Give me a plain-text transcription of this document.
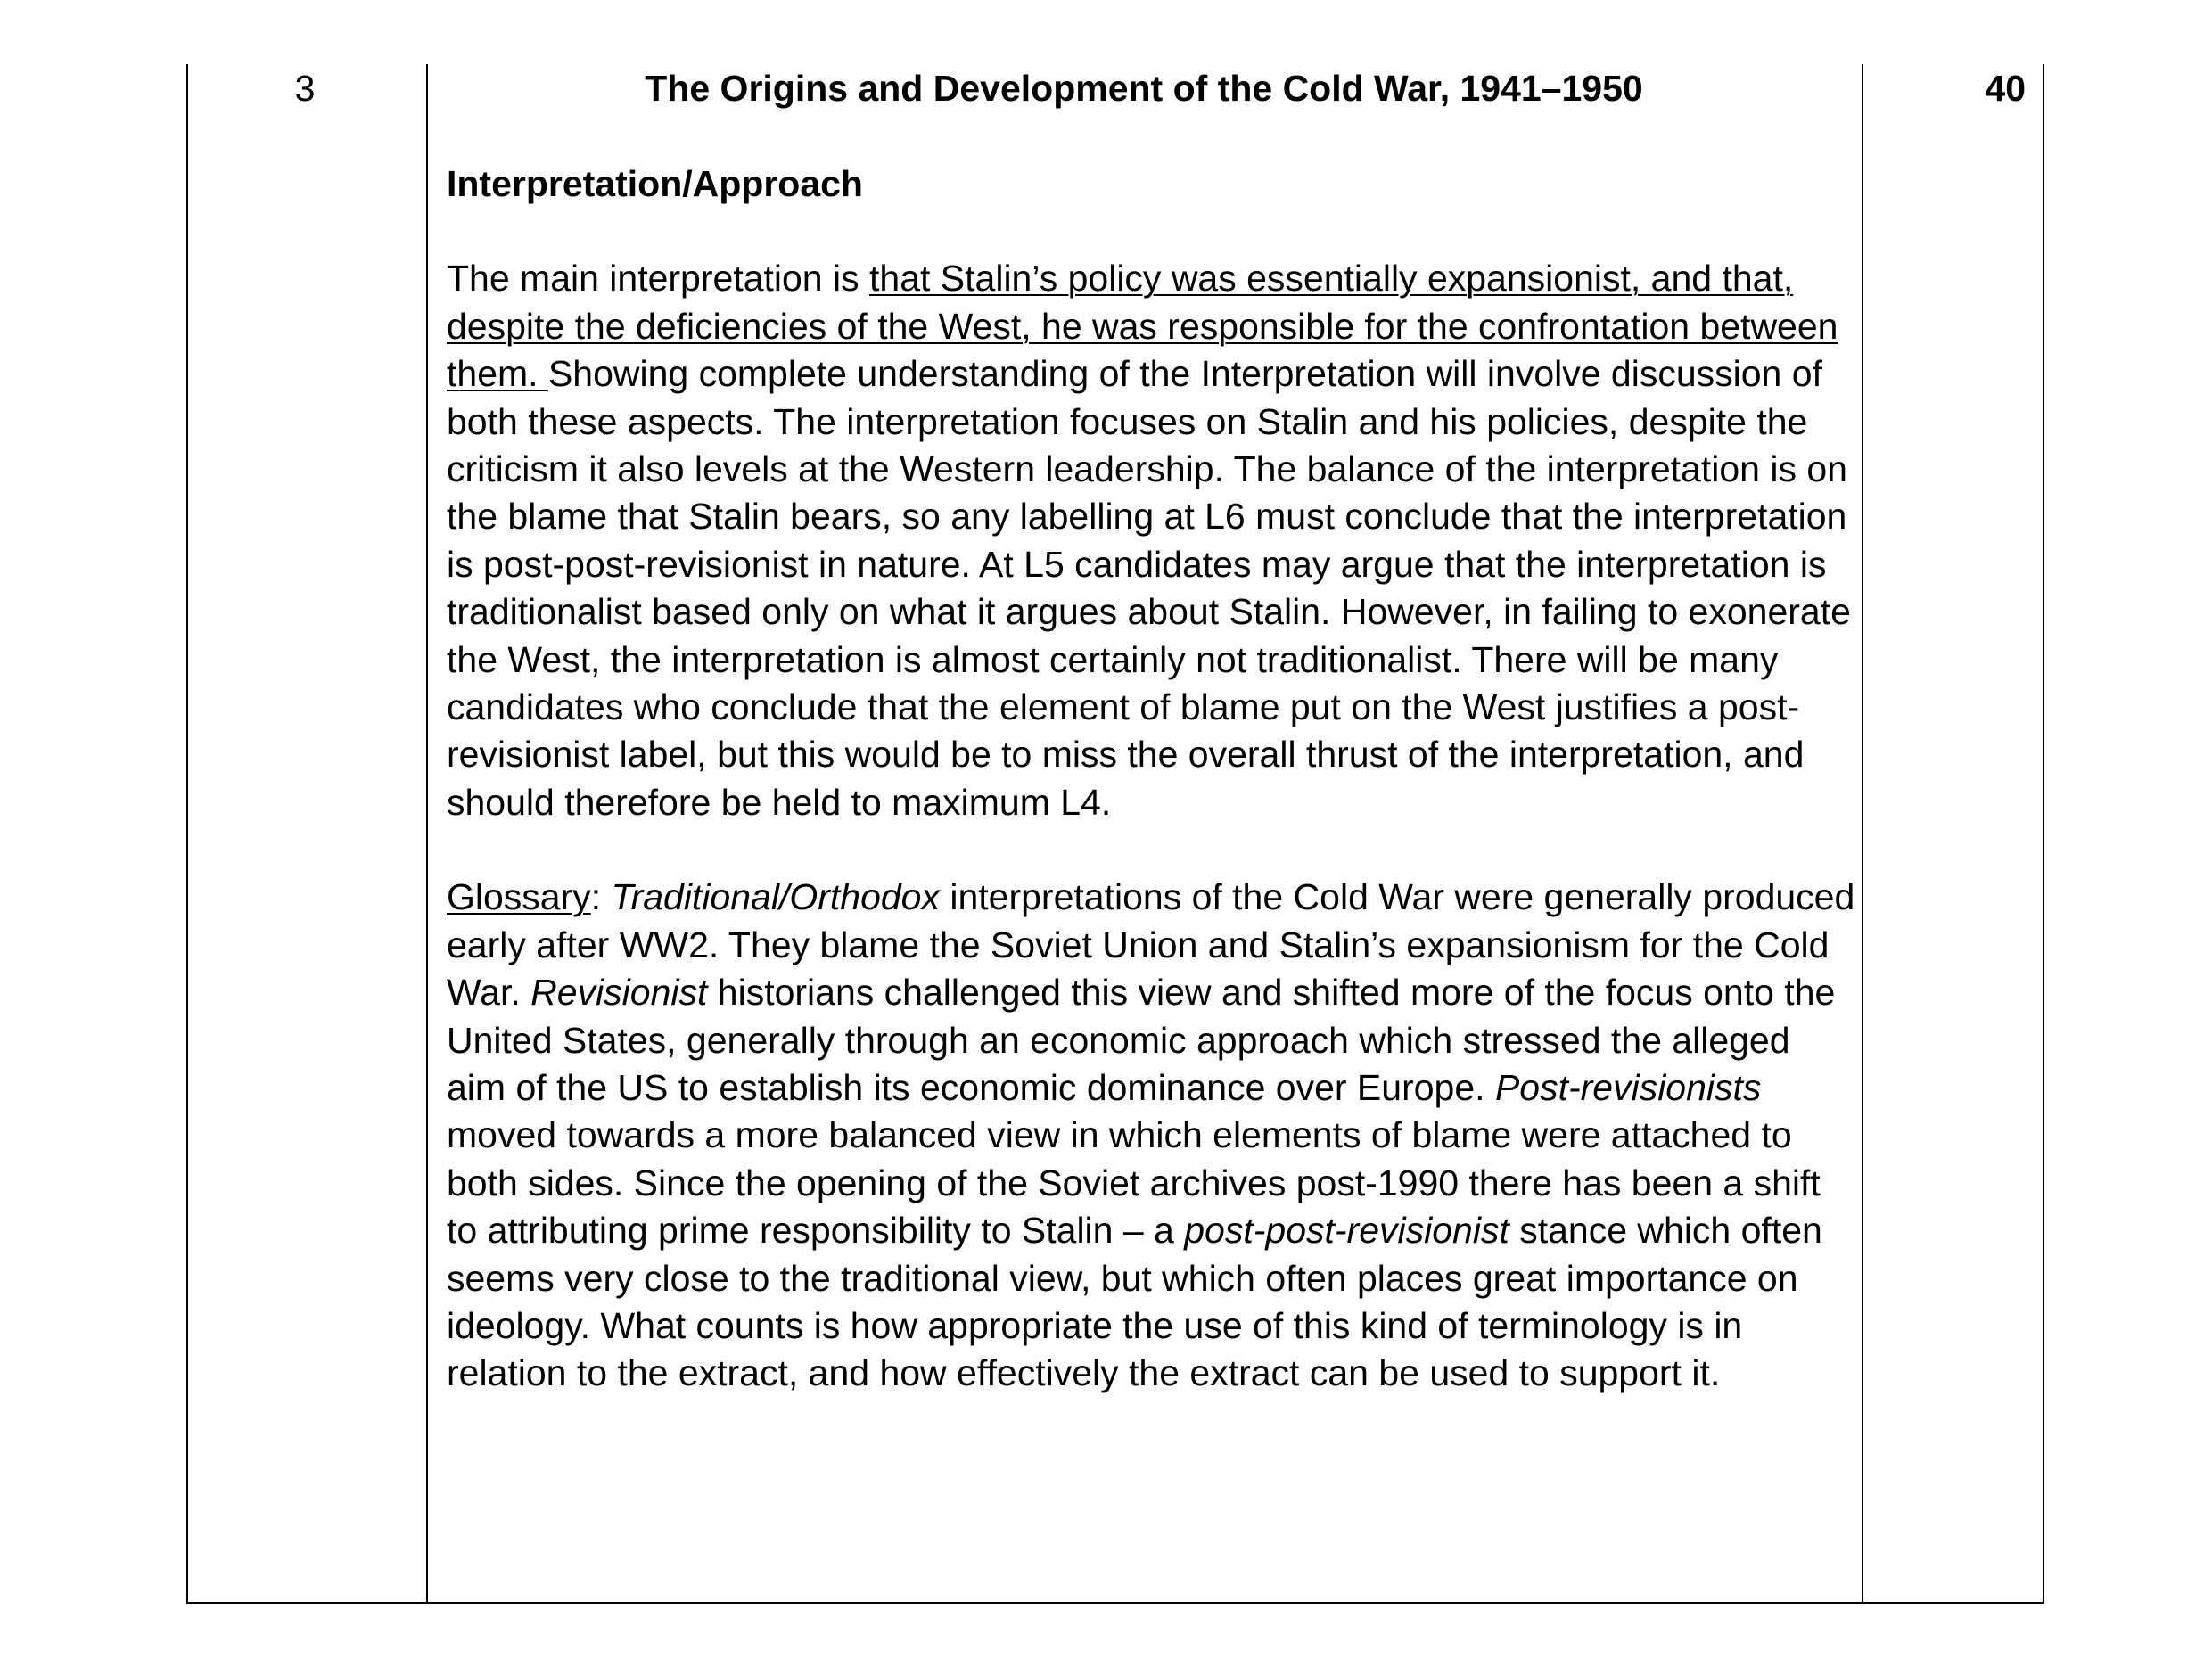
3	The Origins and Development of the Cold War, 1941–1950	40
Interpretation/Approach

The main interpretation is that Stalin’s policy was essentially expansionist, and that, despite the deficiencies of the West, he was responsible for the confrontation between them. Showing complete understanding of the Interpretation will involve discussion of both these aspects. The interpretation focuses on Stalin and his policies, despite the criticism it also levels at the Western leadership. The balance of the interpretation is on the blame that Stalin bears, so any labelling at L6 must conclude that the interpretation is post-post-revisionist in nature. At L5 candidates may argue that the interpretation is traditionalist based only on what it argues about Stalin. However, in failing to exonerate the West, the interpretation is almost certainly not traditionalist. There will be many candidates who conclude that the element of blame put on the West justifies a post-revisionist label, but this would be to miss the overall thrust of the interpretation, and should therefore be held to maximum L4.

Glossary: Traditional/Orthodox interpretations of the Cold War were generally produced early after WW2. They blame the Soviet Union and Stalin’s expansionism for the Cold War. Revisionist historians challenged this view and shifted more of the focus onto the United States, generally through an economic approach which stressed the alleged aim of the US to establish its economic dominance over Europe. Post-revisionists moved towards a more balanced view in which elements of blame were attached to both sides. Since the opening of the Soviet archives post-1990 there has been a shift to attributing prime responsibility to Stalin – a post-post-revisionist stance which often seems very close to the traditional view, but which often places great importance on ideology. What counts is how appropriate the use of this kind of terminology is in relation to the extract, and how effectively the extract can be used to support it.
